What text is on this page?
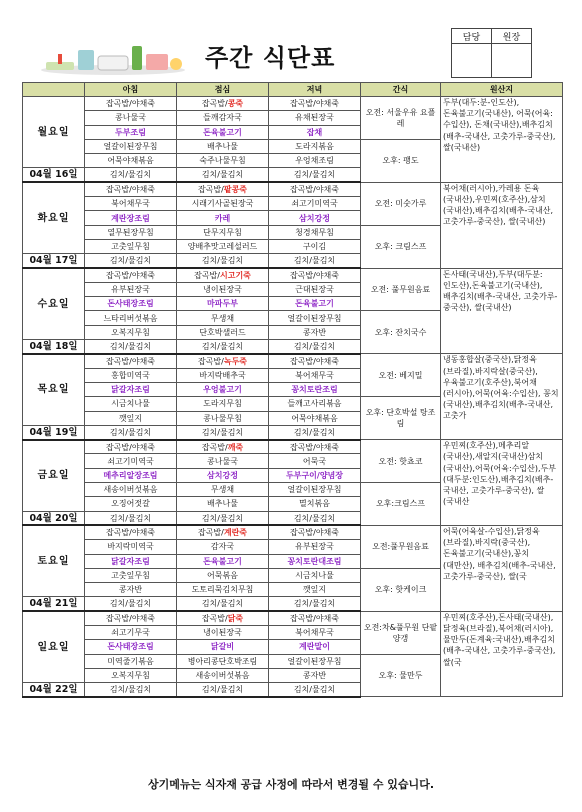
주간 식단표
담당	원장

	아침	점심	저녁	간식	원산지
월요일	잡곡밥/야채죽	잡곡밥/콩죽	잡곡밥/야채죽	오전: 서울우유 요플레	두부(대두:분-인도산), 돈육불고기(국내산), 어묵(어육:수입산), 돈채(국내산),배추김치(배추-국내산, 고춧가루-중국산), 쌀(국내산)
	콩나물국	들깨감자국	유채된장국		
	두부조림	돈육불고기	잡채		
	얼갈이된장무침	배추나물	도라지볶음	오후: 팽도	
	어묵야채볶음	숙주나물무침	우엉채조림		
04월 16일	김치/물김치	김치/물김치	김치/물김치		
화요일	잡곡밥/야채죽	잡곡밥/팥콩죽	잡곡밥/야채죽	오전: 미숫가루	북어채(러시아),카레용 돈육(국내산),우민찌(호주산),삼치(국내산),배추김치(배추-국내산, 고춧가루-중국산), 쌀(국내산)
	북어채무국	시래기사골된장국	쇠고기미역국		
	계란장조림	카레	삼치강정		
	열무된장무침	단무지무침	청경채무침	오후: 크림스프	
	고춧잎무침	양배추맛고레설러드	구이김		
04월 17일	김치/물김치	김치/물김치	김치/물김치		
수요일	잡곡밥/야채죽	잡곡밥/시고기죽	잡곡밥/야채죽	오전: 풀무원음료	돈사태(국내산),두부(대두분:인도산),돈육불고기(국내산), 배추김치(배추-국내산, 고춧가루-중국산), 쌀(국내산)
	유부된장국	냉이된장국	근대된장국		
	돈사태장조림	마파두부	돈육불고기		
	느타리버섯볶음	무생채	얼갈이된장무침	오후: 잔치국수	
	오복지무침	단호박샐러드	콩자반		
04월 18일	김치/물김치	김치/물김치	김치/물김치		
목요일	잡곡밥/야채죽	잡곡밥/녹두죽	잡곡밥/야채죽	오전: 베지밀	냉동홍합살(중국산),닭정육(브라질),바지락살(중국산),우육불고기(호주산),북어채(러시아),어묵(어육:수입산), 꽁치(국내산),배추김치(배추-국내산, 고춧가
	홍합미역국	바지락배추국	북어채무국		
	닭갈자조림	우엉불고기	꽁치토란조림		
	시금치나물	도라지무침	들깨고사리볶음	오후: 단호박설 탕조림	
	깻잎지	콩나물무침	어묵야채볶음		
04월 19일	김치/물김치	김치/물김치	김치/물김치		
금요일	잡곡밥/야채죽	잡곡밥/깨죽	잡곡밥/야채죽	오전: 핫쵸코	우민찌(호주산),메추리알(국내산),새알지(국내산)삼치(국내산),어묵(어육:수입산),두부(대두분:인도산),배추김치(배추-국내산, 고춧가루-중국산), 쌀(국내산
	쇠고기미역국	콩나물국	어묵국		
	메추리알장조림	삼치강정	두부구이/양념장		
	새송이버섯볶음	무생채	얼갈이된장무침	오후:크림스프	
	오징어젓갈	배추나물	멸치볶음		
04월 20일	김치/물김치	김치/물김치	김치/물김치		
토요일	잡곡밥/야채죽	잡곡밥/계란죽	잡곡밥/야채죽	오전:풀무원음료	어묵(어육살-수입산),닭정육(브라질),바지락(중국산),돈육불고기(국내산),꽁치(대만산), 배추김치(배추-국내산, 고춧가루-중국산), 쌀(국
	바지락미역국	감자국	유부된장국		
	닭갈자조림	돈육불고기	꽁치토란대조림		
	고춧잎무침	어묵볶음	시금치나물	오후: 핫케이크	
	콩자반	도토리묵김치무침	깻잎지		
04월 21일	김치/물김치	김치/물김치	김치/물김치		
일요일	잡곡밥/야채죽	잡곡밥/닭죽	잡곡밥/야채죽	오전:차&풀무원 단팥 양갱	우민찌(호주산),돈사태(국내산),닭정육(브라질),북어채(러시아),물만두(돈계육:국내산),배추김치(배추-국내산, 고춧가루-중국산), 쌀(국
	쇠고기무국	냉이된장국	북어채무국		
	돈사태장조림	닭갈비	계란말이		
	미역줄기볶음	병아리콩단호박조림	얼갈이된장무침	오후: 물만두	
	오복지무침	새송이버섯볶음	콩자반		
04월 22일	김치/물김치	김치/물김치	김치/물김치		
상기메뉴는 식자재 공급 사정에 따라서 변경될 수 있습니다.
